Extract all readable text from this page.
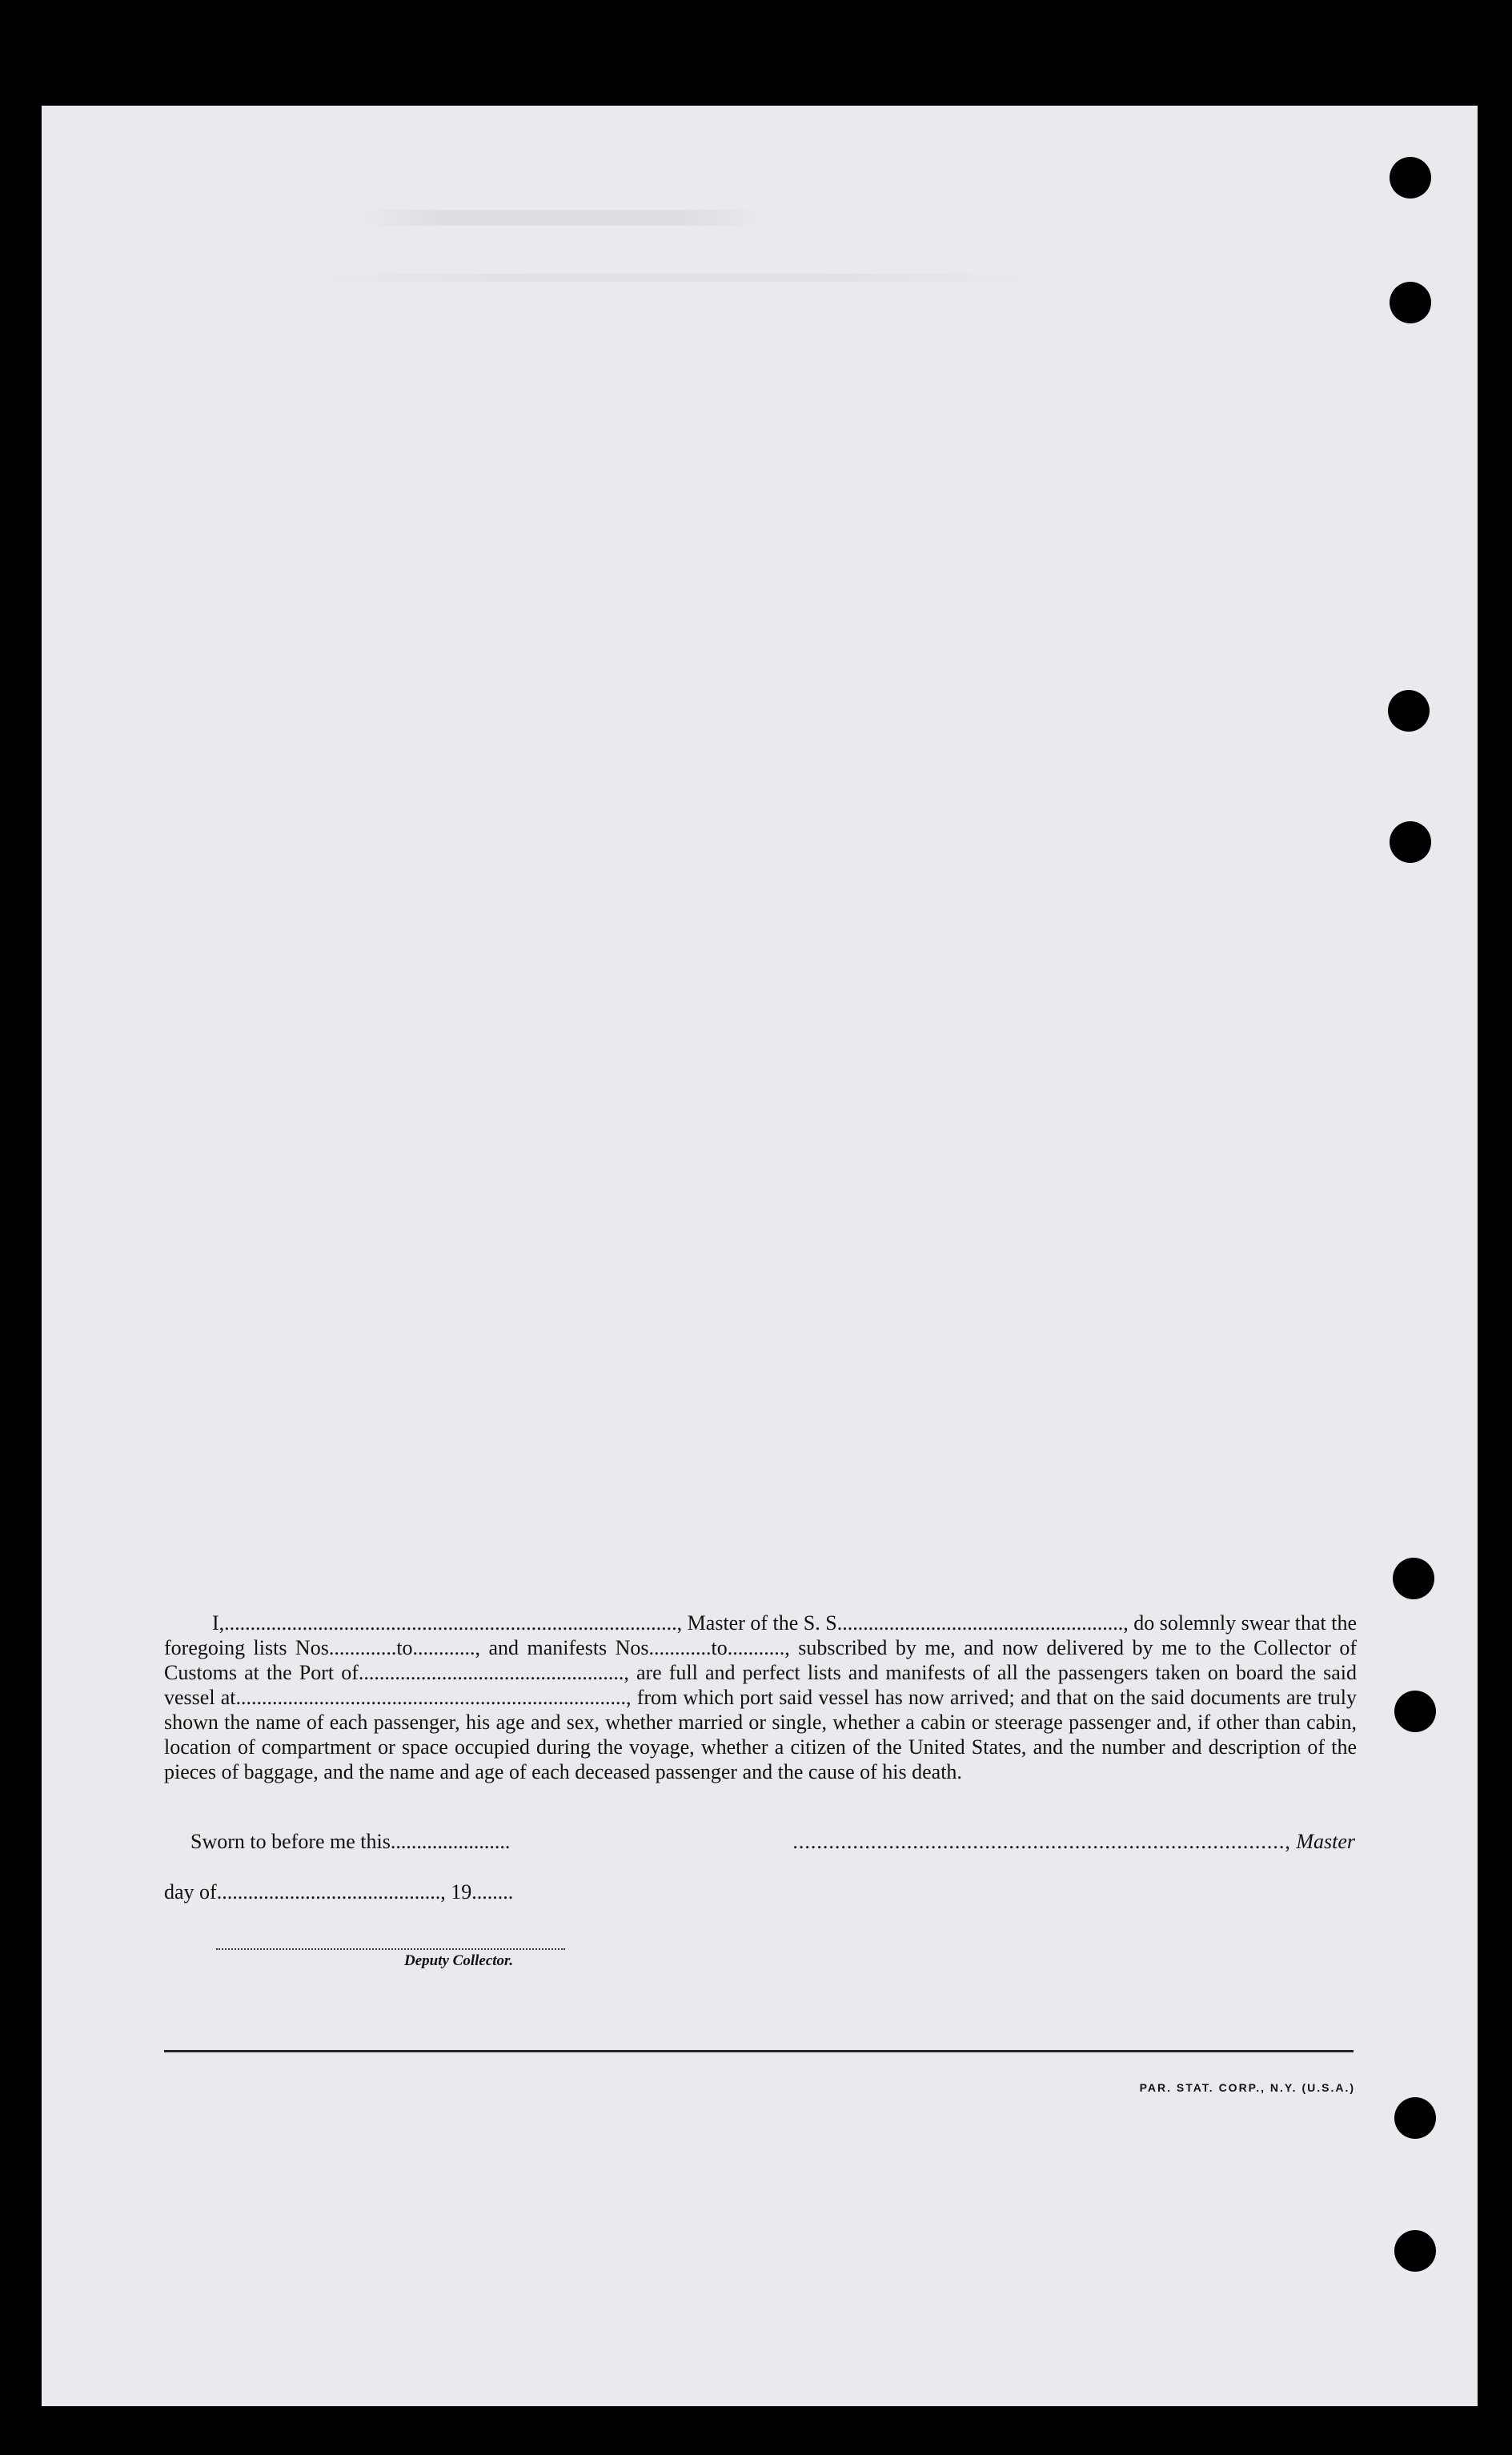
I,......................................................................................., Master of the S. S......................................................., do solemnly swear that the foregoing lists Nos.............to............, and manifests Nos............to..........., subscribed by me, and now delivered by me to the Collector of Customs at the Port of..................................................., are full and perfect lists and manifests of all the passengers taken on board the said vessel at..........................................................................., from which port said vessel has now arrived; and that on the said documents are truly shown the name of each passenger, his age and sex, whether married or single, whether a cabin or steerage passenger and, if other than cabin, location of compartment or space occupied during the voyage, whether a citizen of the United States, and the number and description of the pieces of baggage, and the name and age of each deceased passenger and the cause of his death.

Sworn to before me this.......................
day of..........................................., 19........
Deputy Collector.
.................................................................................., Master
PAR. STAT. CORP., N.Y. (U.S.A.)
